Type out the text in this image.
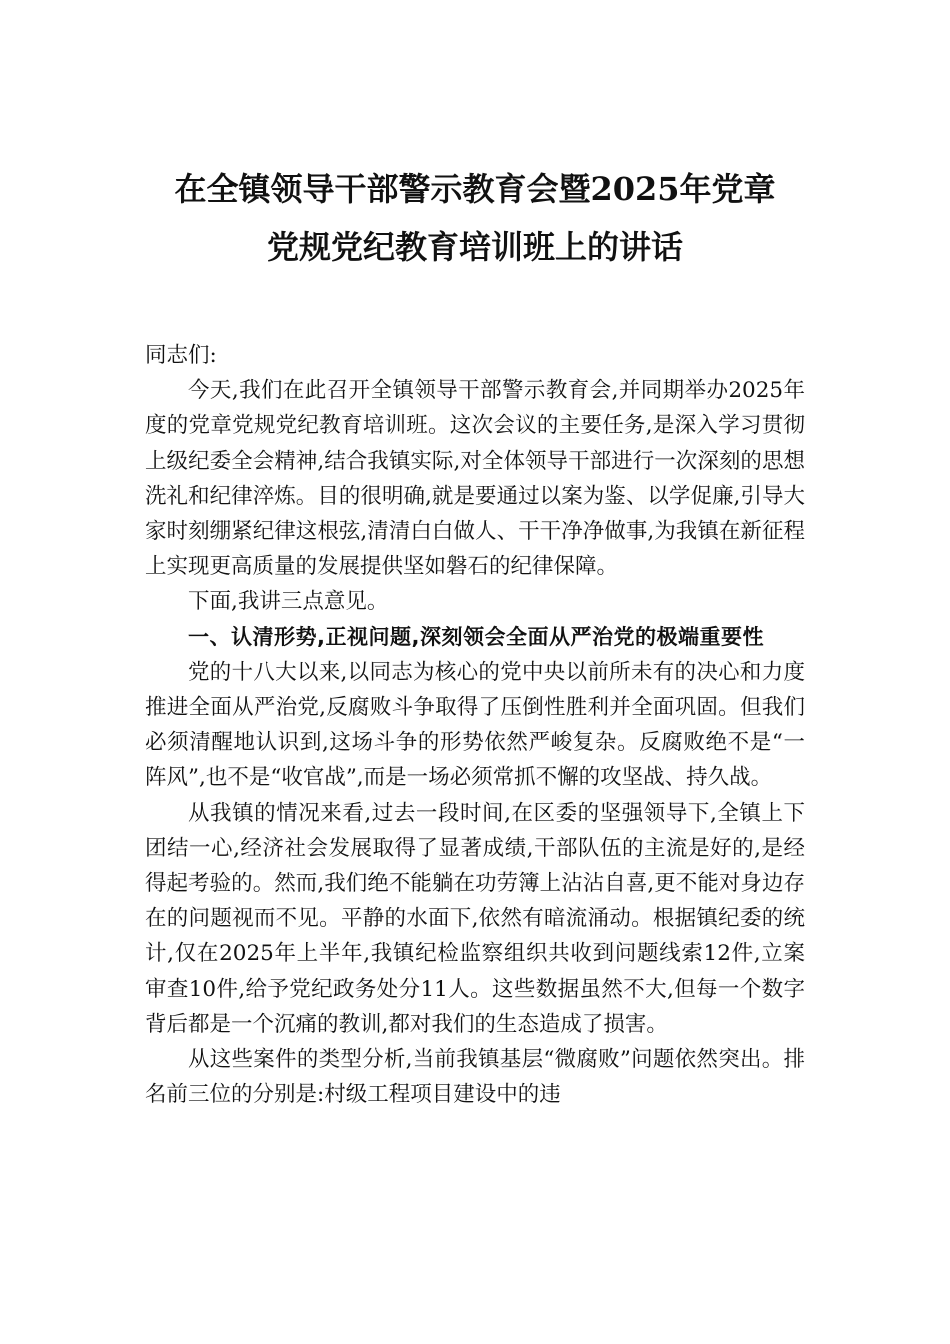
在全镇领导干部警示教育会暨2025年党章
党规党纪教育培训班上的讲话

同志们:

今天,我们在此召开全镇领导干部警示教育会,并同期举办2025年度的党章党规党纪教育培训班。这次会议的主要任务,是深入学习贯彻上级纪委全会精神,结合我镇实际,对全体领导干部进行一次深刻的思想洗礼和纪律淬炼。目的很明确,就是要通过以案为鉴、以学促廉,引导大家时刻绷紧纪律这根弦,清清白白做人、干干净净做事,为我镇在新征程上实现更高质量的发展提供坚如磐石的纪律保障。

下面,我讲三点意见。

一、认清形势,正视问题,深刻领会全面从严治党的极端重要性

党的十八大以来,以同志为核心的党中央以前所未有的决心和力度推进全面从严治党,反腐败斗争取得了压倒性胜利并全面巩固。但我们必须清醒地认识到,这场斗争的形势依然严峻复杂。反腐败绝不是“一阵风”,也不是“收官战”,而是一场必须常抓不懈的攻坚战、持久战。

从我镇的情况来看,过去一段时间,在区委的坚强领导下,全镇上下团结一心,经济社会发展取得了显著成绩,干部队伍的主流是好的,是经得起考验的。然而,我们绝不能躺在功劳簿上沾沾自喜,更不能对身边存在的问题视而不见。平静的水面下,依然有暗流涌动。根据镇纪委的统计,仅在2025年上半年,我镇纪检监察组织共收到问题线索12件,立案审查10件,给予党纪政务处分11人。这些数据虽然不大,但每一个数字背后都是一个沉痛的教训,都对我们的生态造成了损害。

从这些案件的类型分析,当前我镇基层“微腐败”问题依然突出。排名前三位的分别是:村级工程项目建设中的违
